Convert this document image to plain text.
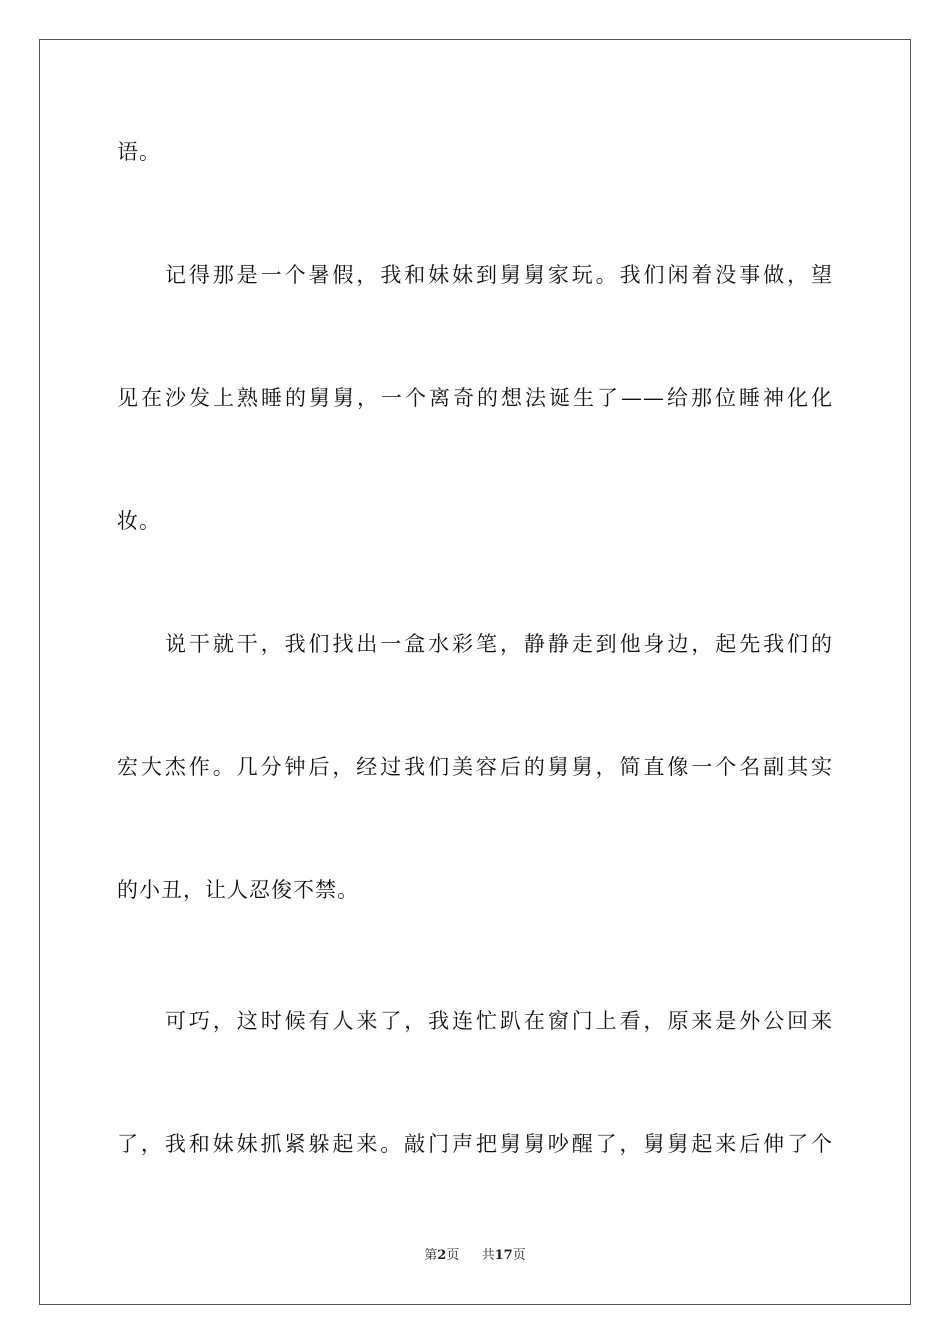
语。
记得那是一个暑假，我和妹妹到舅舅家玩。我们闲着没事做，望
见在沙发上熟睡的舅舅，一个离奇的想法诞生了——给那位睡神化化
妆。
说干就干，我们找出一盒水彩笔，静静走到他身边，起先我们的
宏大杰作。几分钟后，经过我们美容后的舅舅，简直像一个名副其实
的小丑，让人忍俊不禁。
可巧，这时候有人来了，我连忙趴在窗门上看，原来是外公回来
了，我和妹妹抓紧躲起来。敲门声把舅舅吵醒了，舅舅起来后伸了个
第2页 共17页
